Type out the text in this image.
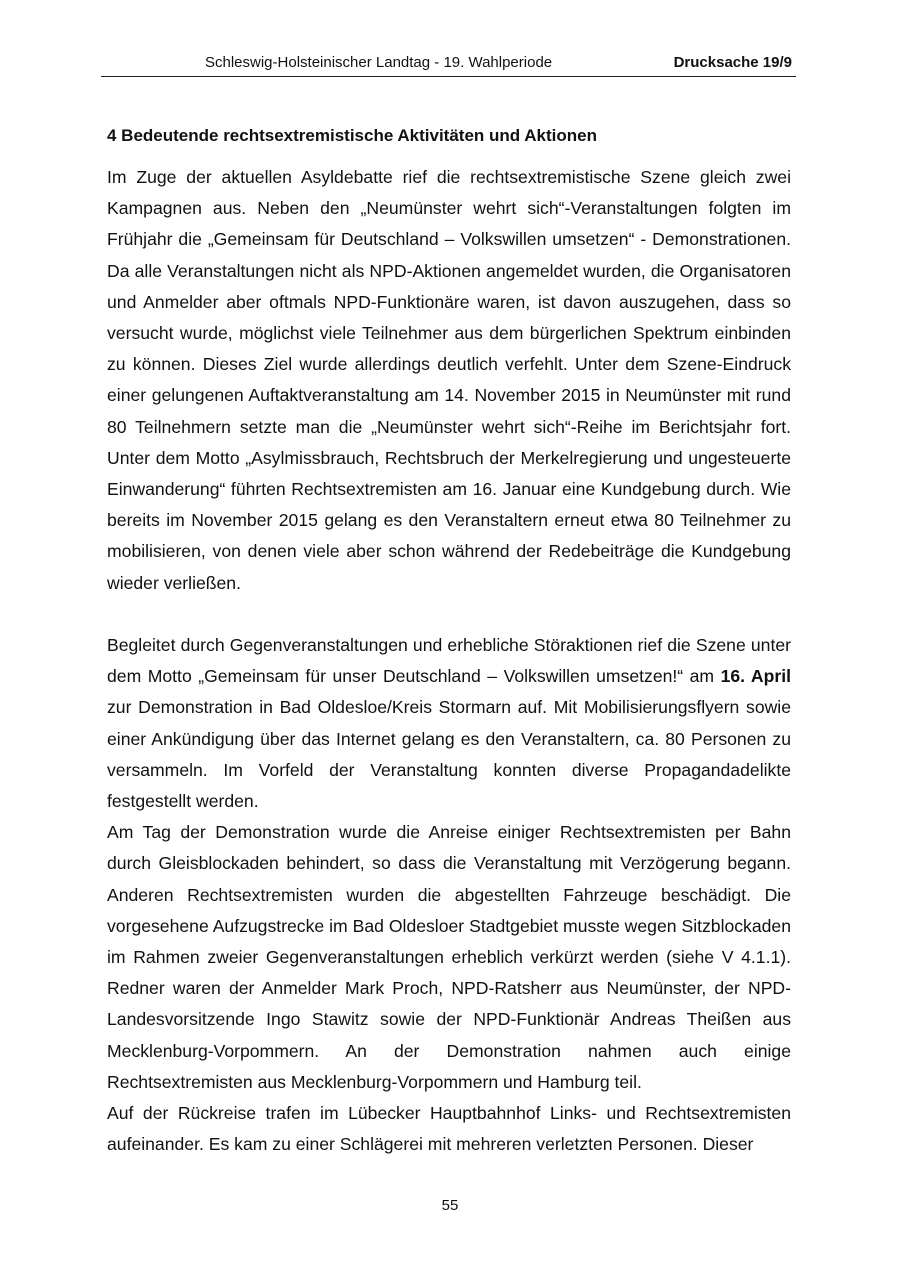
Schleswig-Holsteinischer Landtag - 19. Wahlperiode	Drucksache 19/9
4 Bedeutende rechtsextremistische Aktivitäten und Aktionen

Im Zuge der aktuellen Asyldebatte rief die rechtsextremistische Szene gleich zwei Kampagnen aus. Neben den „Neumünster wehrt sich“-Veranstaltungen folgten im Frühjahr die „Gemeinsam für Deutschland – Volkswillen umsetzen“ - Demonstrationen. Da alle Veranstaltungen nicht als NPD-Aktionen angemeldet wurden, die Organisatoren und Anmelder aber oftmals NPD-Funktionäre waren, ist davon auszugehen, dass so versucht wurde, möglichst viele Teilnehmer aus dem bürgerlichen Spektrum einbinden zu können. Dieses Ziel wurde allerdings deutlich verfehlt. Unter dem Szene-Eindruck einer gelungenen Auftaktveranstaltung am 14. November 2015 in Neumünster mit rund 80 Teilnehmern setzte man die „Neumünster wehrt sich“-Reihe im Berichtsjahr fort. Unter dem Motto „Asylmissbrauch, Rechtsbruch der Merkelregierung und ungesteuerte Einwanderung“ führten Rechtsextremisten am 16. Januar eine Kundgebung durch. Wie bereits im November 2015 gelang es den Veranstaltern erneut etwa 80 Teilnehmer zu mobilisieren, von denen viele aber schon während der Redebeiträge die Kundgebung wieder verließen.

Begleitet durch Gegenveranstaltungen und erhebliche Störaktionen rief die Szene unter dem Motto „Gemeinsam für unser Deutschland – Volkswillen umsetzen!“ am 16. April zur Demonstration in Bad Oldesloe/Kreis Stormarn auf. Mit Mobilisierungsflyern sowie einer Ankündigung über das Internet gelang es den Veranstaltern, ca. 80 Personen zu versammeln. Im Vorfeld der Veranstaltung konnten diverse Propagandadelikte festgestellt werden.

Am Tag der Demonstration wurde die Anreise einiger Rechtsextremisten per Bahn durch Gleisblockaden behindert, so dass die Veranstaltung mit Verzögerung begann. Anderen Rechtsextremisten wurden die abgestellten Fahrzeuge beschädigt. Die vorgesehene Aufzugstrecke im Bad Oldesloer Stadtgebiet musste wegen Sitzblockaden im Rahmen zweier Gegenveranstaltungen erheblich verkürzt werden (siehe V 4.1.1). Redner waren der Anmelder Mark Proch, NPD-Ratsherr aus Neumünster, der NPD-Landesvorsitzende Ingo Stawitz sowie der NPD-Funktionär Andreas Theißen aus Mecklenburg-Vorpommern. An der Demonstration nahmen auch einige Rechtsextremisten aus Mecklenburg-Vorpommern und Hamburg teil.

Auf der Rückreise trafen im Lübecker Hauptbahnhof Links- und Rechtsextremisten aufeinander. Es kam zu einer Schlägerei mit mehreren verletzten Personen. Dieser

55
